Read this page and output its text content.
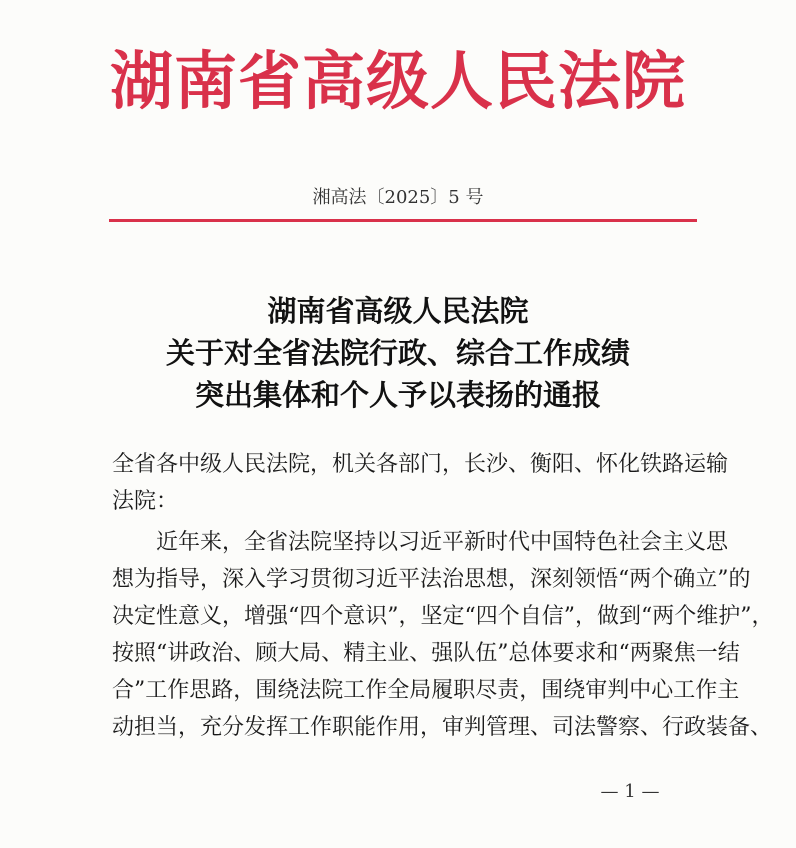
湖南省高级人民法院
湘高法〔2025〕5 号
湖南省高级人民法院
关于对全省法院行政、综合工作成绩
突出集体和个人予以表扬的通报
全省各中级人民法院，机关各部门，长沙、衡阳、怀化铁路运输
法院：
近年来，全省法院坚持以习近平新时代中国特色社会主义思
想为指导，深入学习贯彻习近平法治思想，深刻领悟“两个确立”的
决定性意义，增强“四个意识”，坚定“四个自信”，做到“两个维护”，
按照“讲政治、顾大局、精主业、强队伍”总体要求和“两聚焦一结
合”工作思路，围绕法院工作全局履职尽责，围绕审判中心工作主
动担当，充分发挥工作职能作用，审判管理、司法警察、行政装备、
— 1 —
